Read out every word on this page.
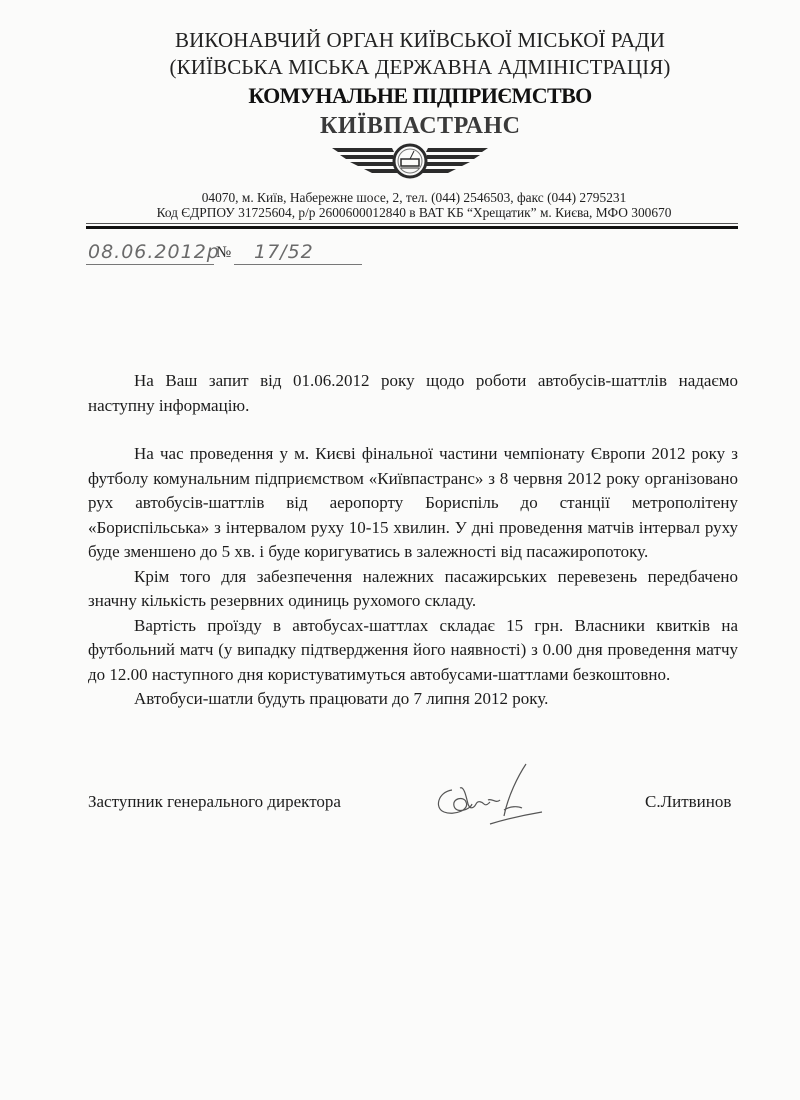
ВИКОНАВЧИЙ ОРГАН КИЇВСЬКОЇ МІСЬКОЇ РАДИ
(КИЇВСЬКА МІСЬКА ДЕРЖАВНА АДМІНІСТРАЦІЯ)
КОМУНАЛЬНЕ ПІДПРИЄМСТВО
КИЇВПАСТРАНС
04070, м. Київ, Набережне шосе, 2, тел. (044) 2546503, факс (044) 2795231
Код ЄДРПОУ 31725604, р/р 2600600012840 в ВАТ КБ “Хрещатик” м. Києва, МФО 300670
08.06.2012р
№ 17/52

На Ваш запит від 01.06.2012 року щодо роботи автобусів-шаттлів надаємо наступну інформацію.

На час проведення у м. Києві фінальної частини чемпіонату Європи 2012 року з футболу комунальним підприємством «Київпастранс» з 8 червня 2012 року організовано рух автобусів-шаттлів від аеропорту Бориспіль до станції метрополітену «Бориспільська» з інтервалом руху 10-15 хвилин. У дні проведення матчів інтервал руху буде зменшено до 5 хв. і буде коригуватись в залежності від пасажиропотоку.

Крім того для забезпечення належних пасажирських перевезень передбачено значну кількість резервних одиниць рухомого складу.

Вартість проїзду в автобусах-шаттлах складає 15 грн. Власники квитків на футбольний матч (у випадку підтвердження його наявності) з 0.00 дня проведення матчу до 12.00 наступного дня користуватимуться автобусами-шаттлами безкоштовно.

Автобуси-шатли будуть працювати до 7 липня 2012 року.

Заступник генерального директора	С.Литвинов
